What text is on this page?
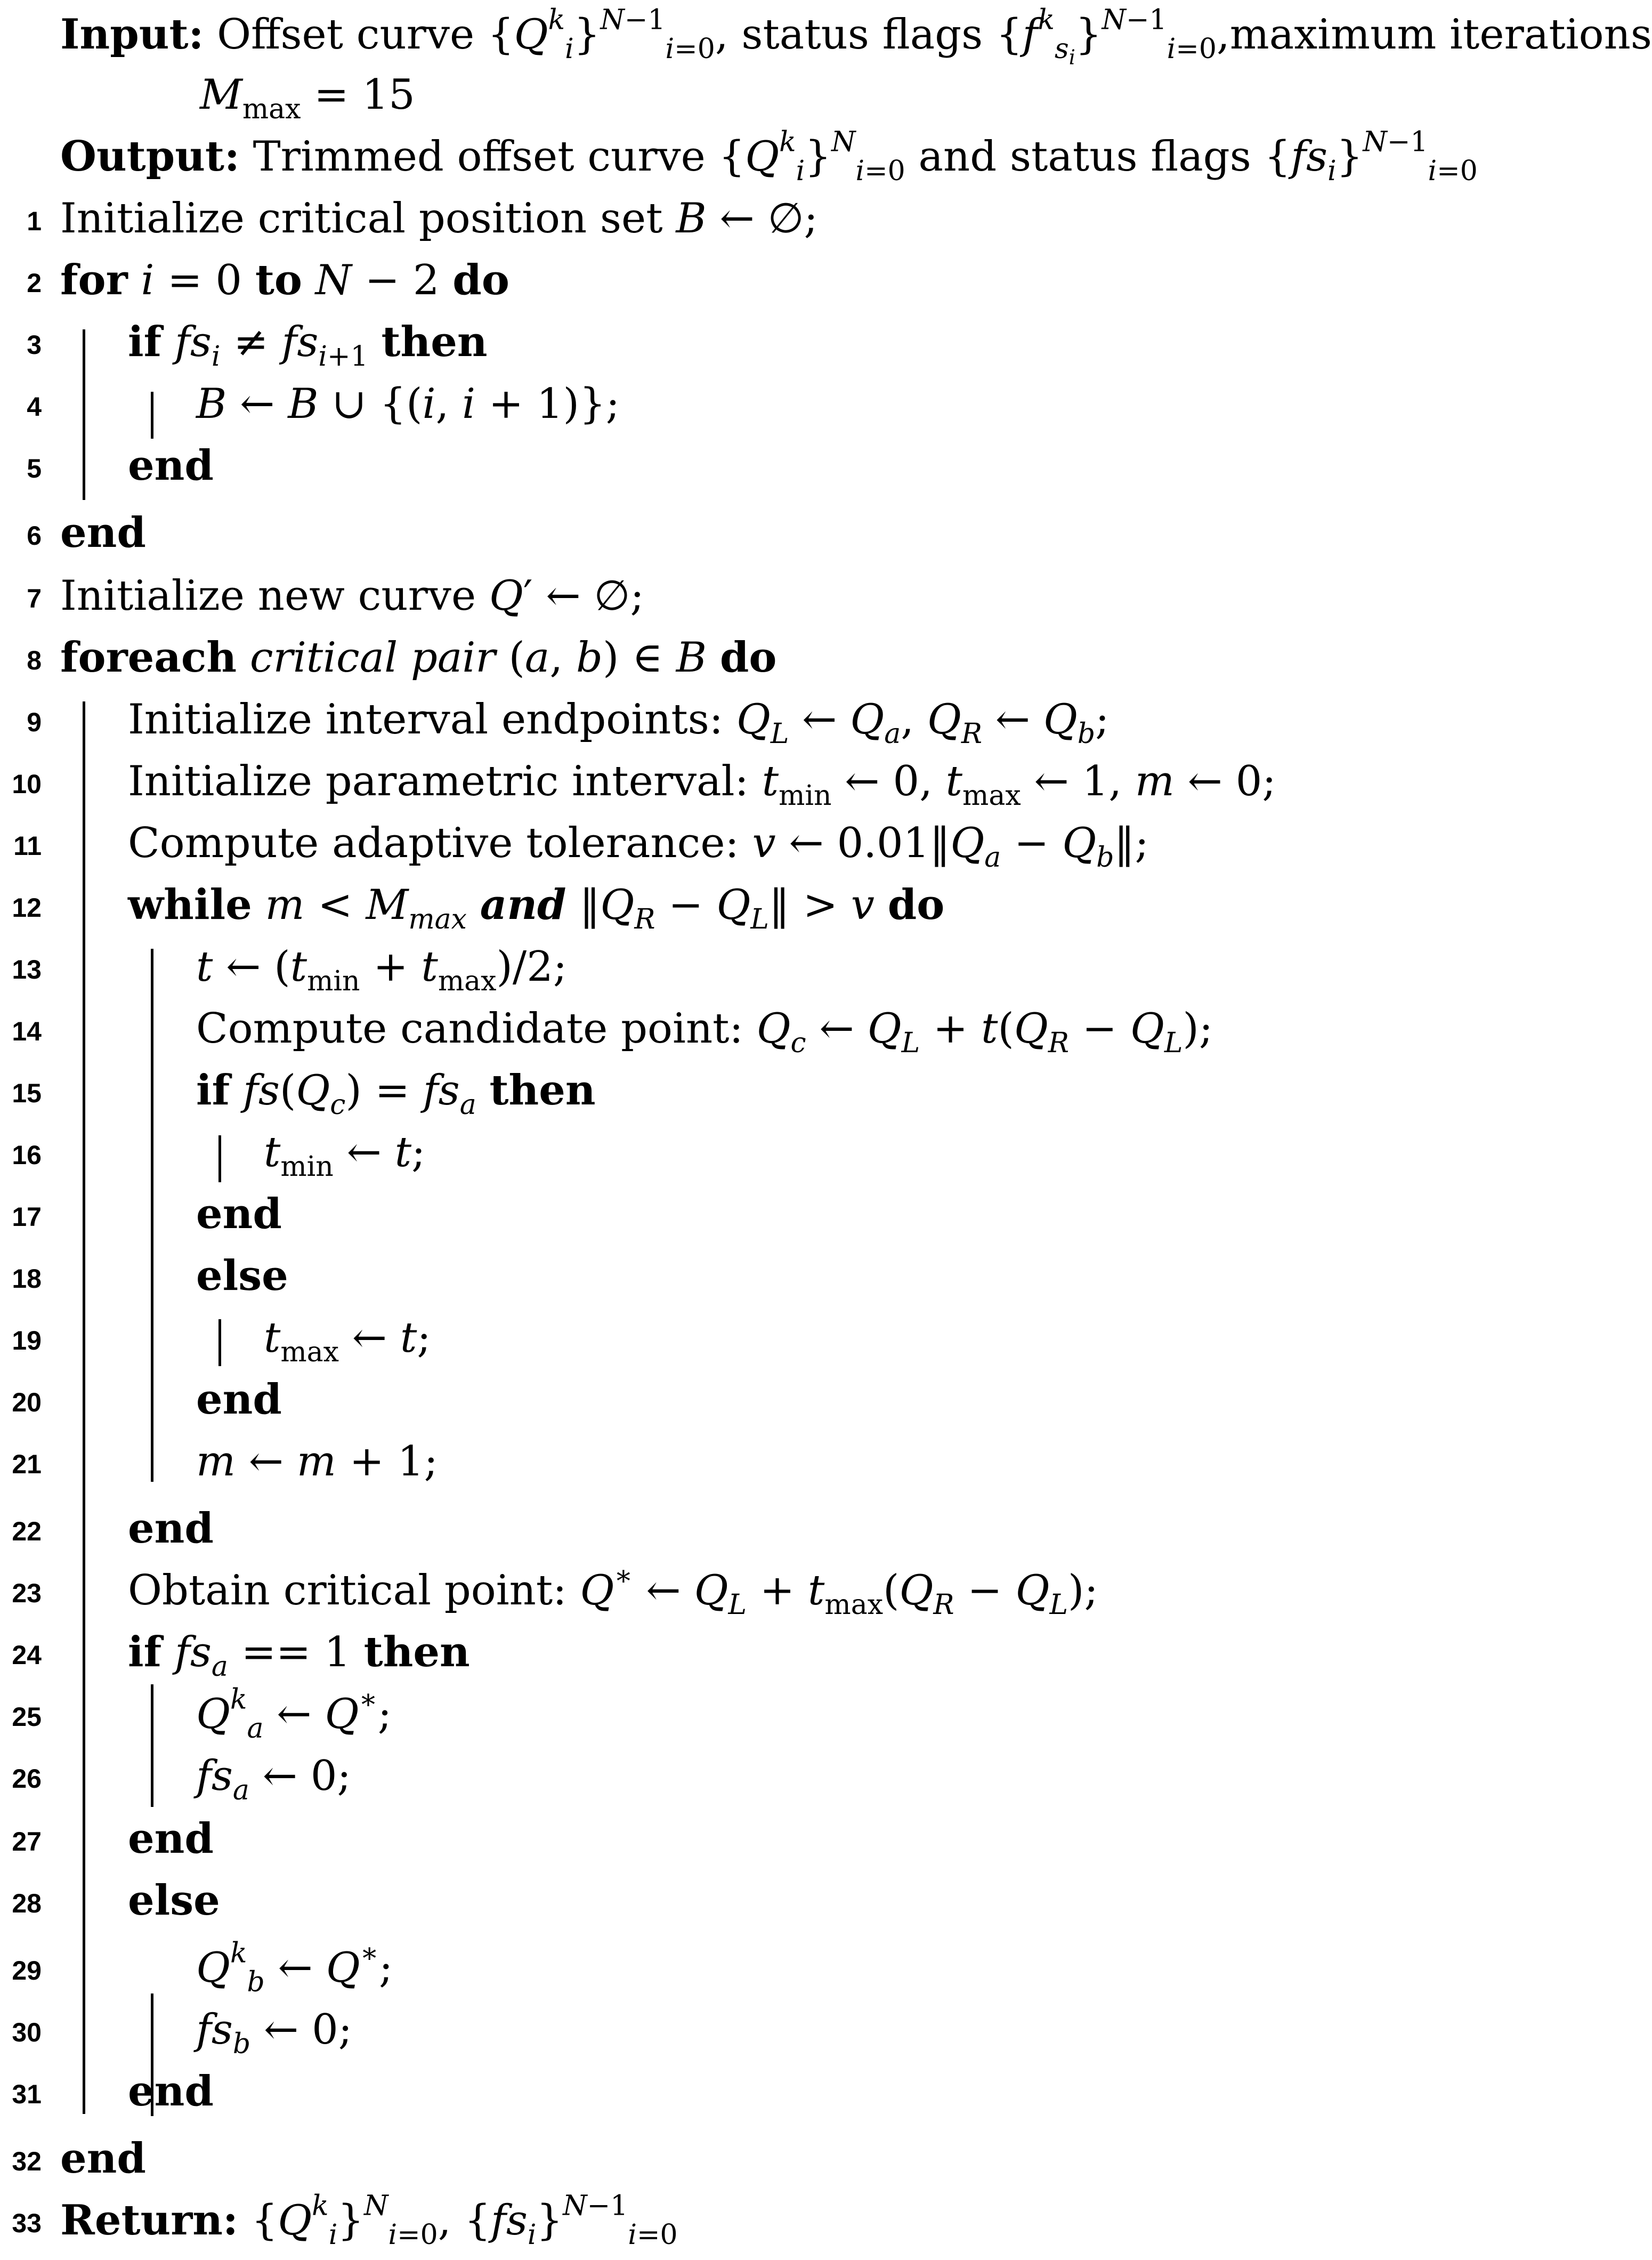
Input: Offset curve $\{Q^k_i\}^{N-1}_{i=0}$, status flags $\{f^k_{s_i}\}^{N-1}_{i=0},maximum$ iterations
$M_{max} = 15$
Output: Trimmed offset curve $\{Q^k_i\}^N_{i=0}$ and status flags $\{fs_i\}^{N-1}_{i=0}$
1 Initialize critical position set B ← ∅;
2 for i = 0 to N − 2 do
3 if $fs_i \ne fs_{i+1}$ then
4	B ← B ∪ {(i, i + 1)};
5 end
6 end
7 Initialize new curve Q′ ← ∅;
8 foreach critical pair (a, b) ∈ B do
9 Initialize interval endpoints: $Q_L$ ← $Q_a$, $Q_R$ ← $Q_b$;
10 Initialize parametric interval: $t_{min}$ ← 0, $t_{max}$ ← 1, m ← 0;
11 Compute adaptive tolerance: v ← $0.01‖Q_a$ − $Q_b‖$;
12 while $m < M_{max}$ and $‖Q_R$ − $Q_L‖ > v$ do
13	t ← $(t_{min} + t_{max})/2$;
14	Compute candidate point: $Q_c$ ← $Q_L + t(Q_R - Q_L)$;
15	if $fs(Q_c) = fs_a$ then
16	$t_{min}$ ← t;
17	end
18	else
19	$t_{max}$ ← t;
20	end
21	m ← m + 1;
22 end
23 Obtain critical point: Q∗ ← $Q_L + t_{max}(Q_R - Q_L)$;
24 if $fs_a == 1$ then
25	$Q^k_a$ ← Q∗;
26	$fs_a$ ← 0;
27 end
28 else
29	$Q^k_b$ ← Q∗;
30	$fs_b$ ← 0;
31 end
32 end
33 Return: $\{Q^k_i\}^N_{i=0}$, $\{fs_i\}^{N-1}_{i=0}$
